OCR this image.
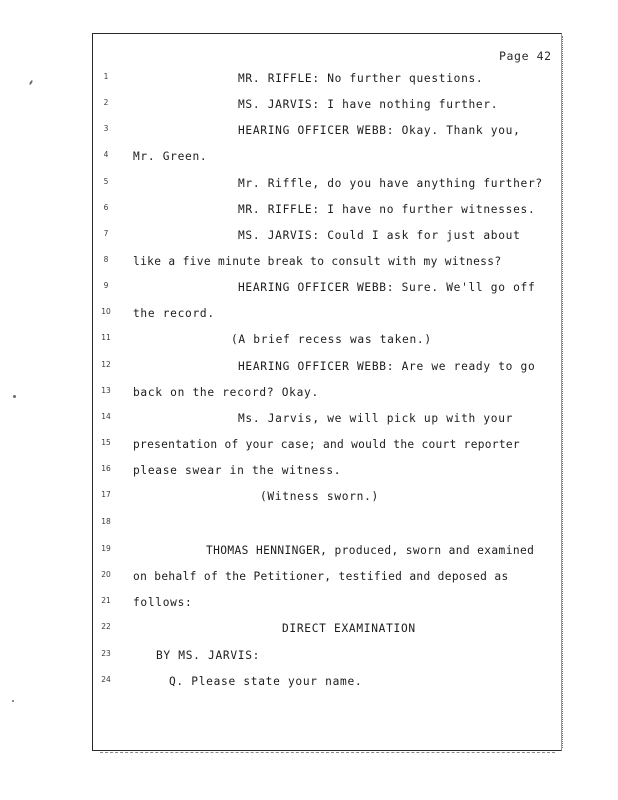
Page 42
1	MR. RIFFLE: No further questions.
2	MS. JARVIS: I have nothing further.
3	HEARING OFFICER WEBB: Okay. Thank you,
4	Mr. Green.
5	Mr. Riffle, do you have anything further?
6	MR. RIFFLE: I have no further witnesses.
7	MS. JARVIS: Could I ask for just about
8	like a five minute break to consult with my witness?
9	HEARING OFFICER WEBB: Sure. We'll go off
10 the record.
11	(A brief recess was taken.)
12	HEARING OFFICER WEBB: Are we ready to go
13 back on the record? Okay.
14	Ms. Jarvis, we will pick up with your
15 presentation of your case; and would the court reporter
16 please swear in the witness.
17	(Witness sworn.)
18
19	THOMAS HENNINGER, produced, sworn and examined
20 on behalf of the Petitioner, testified and deposed as
21 follows:
22	DIRECT EXAMINATION
23	BY MS. JARVIS:
24	Q. Please state your name.
